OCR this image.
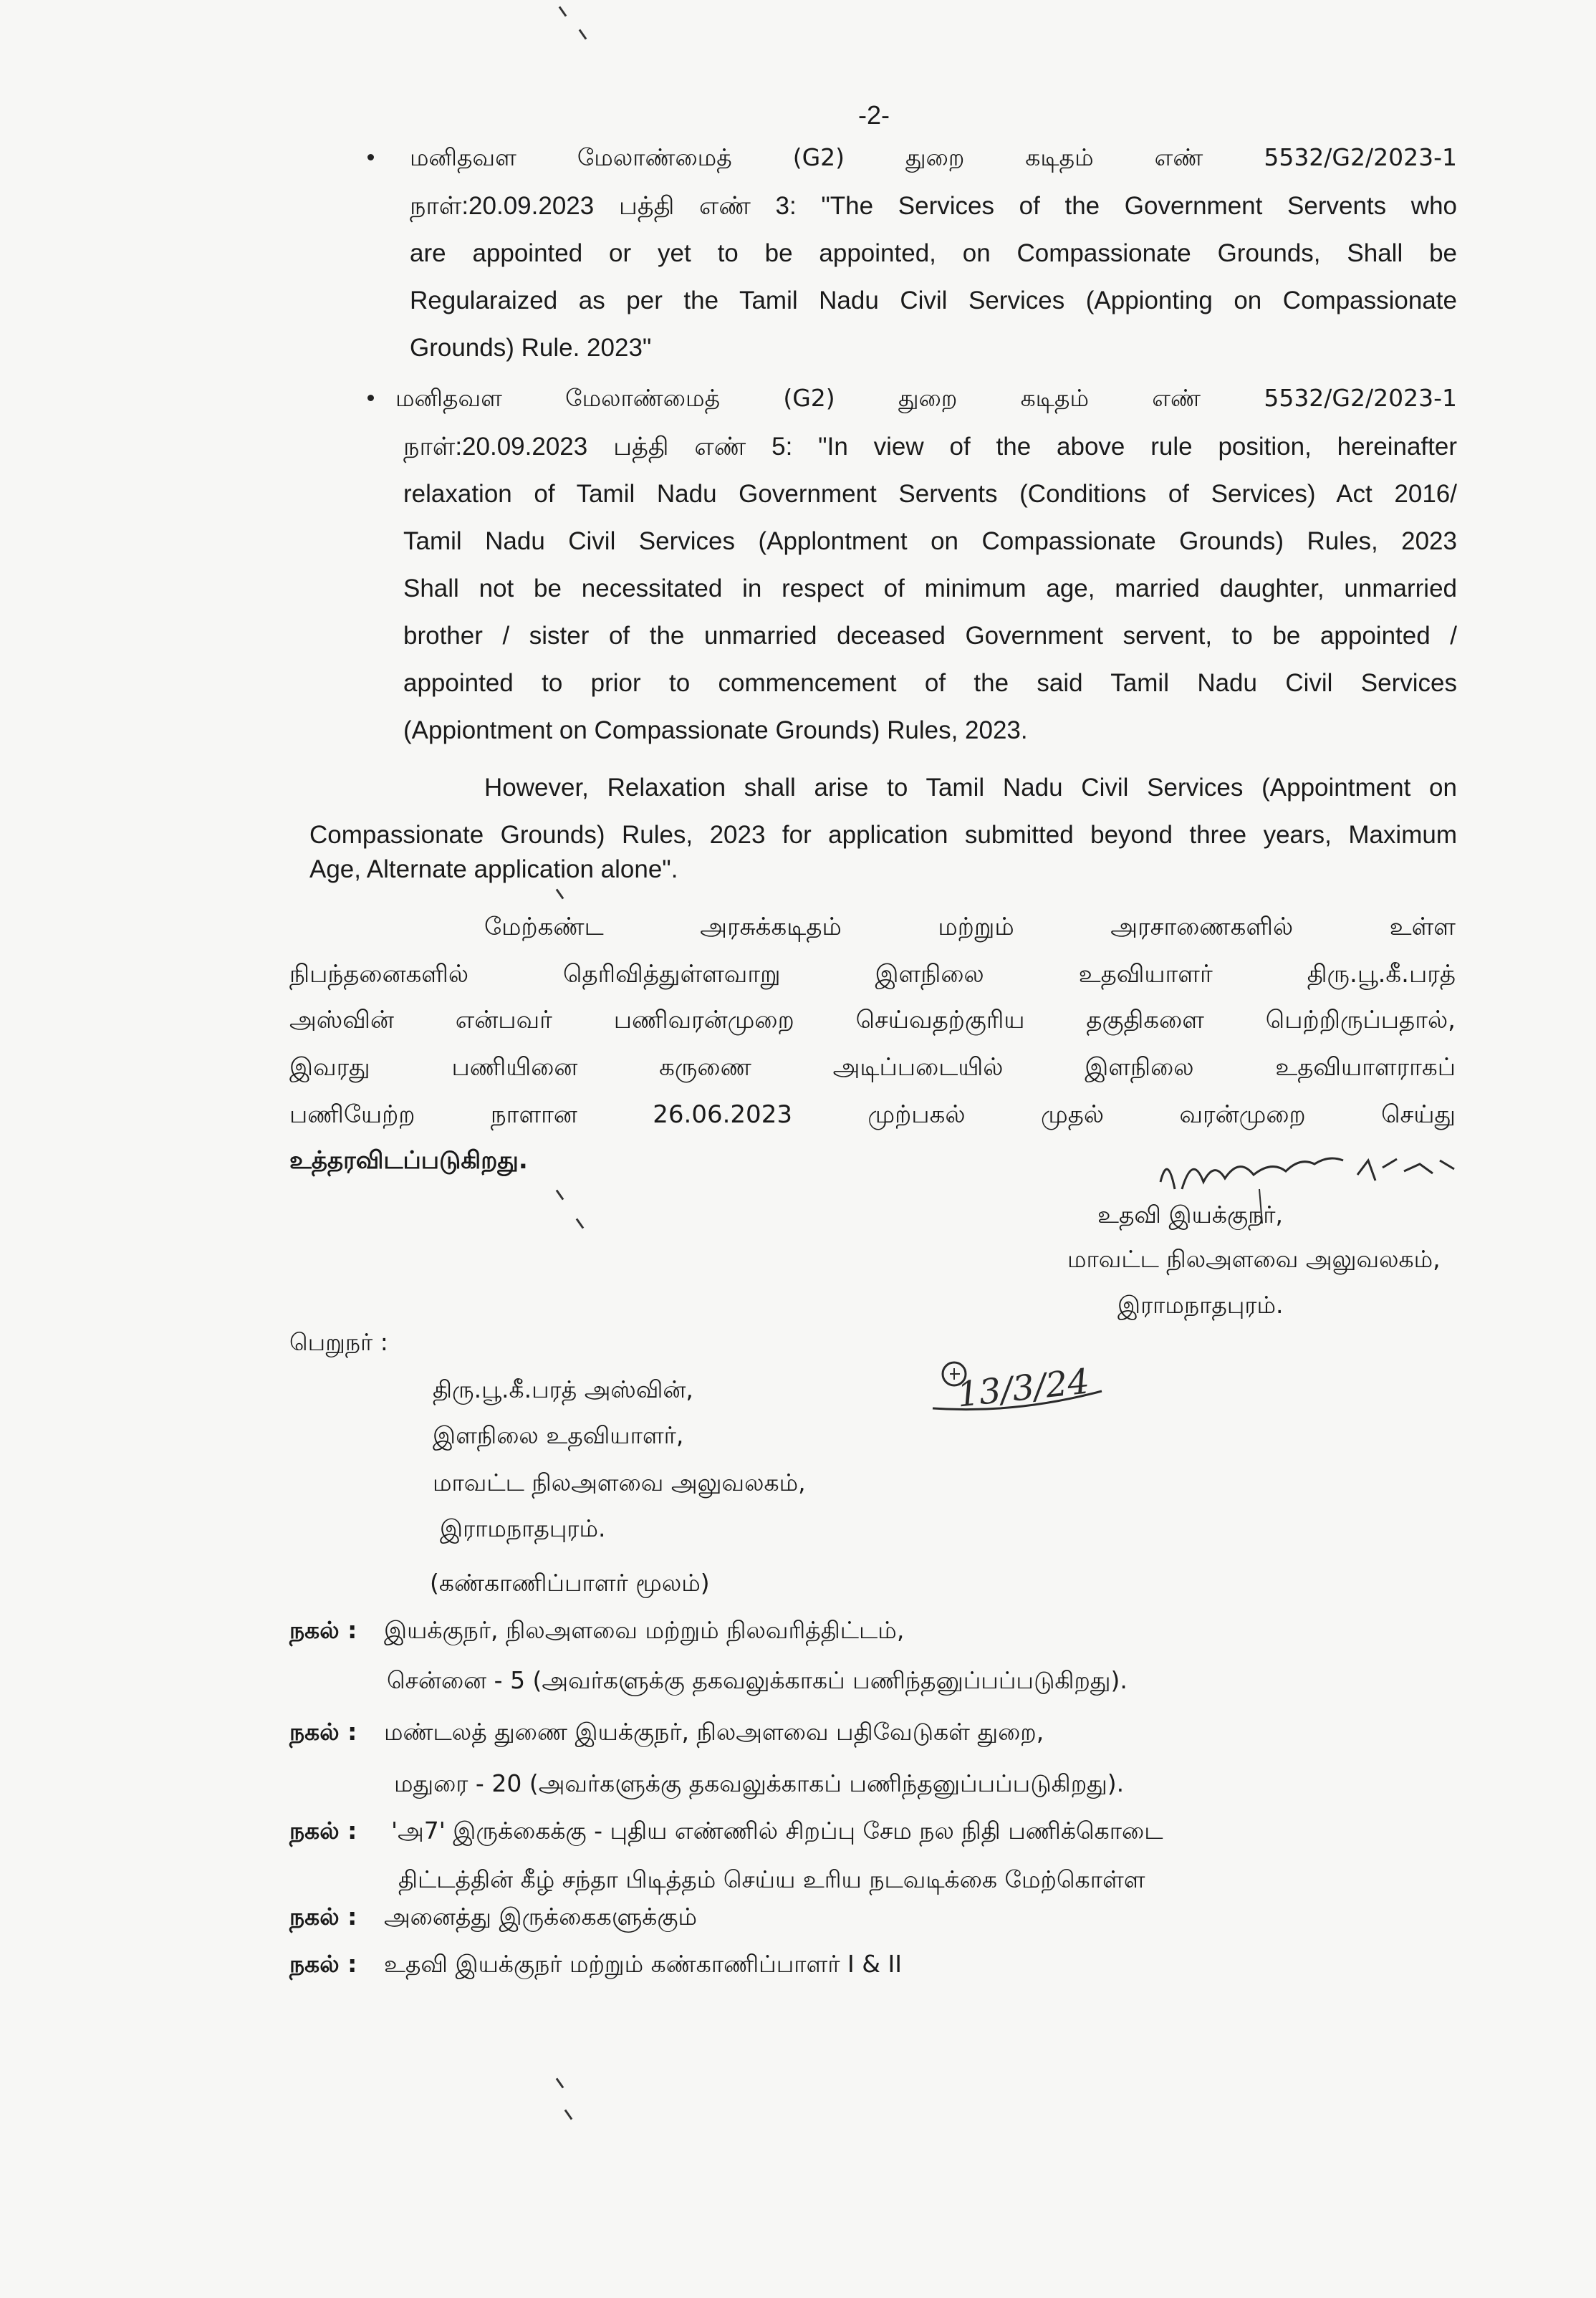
-2-
மனிதவள மேலாண்மைத் (G2) துறை கடிதம் எண் 5532/G2/2023-1
நாள்:20.09.2023 பத்தி எண் 3: "The Services of the Government Servents who
are appointed or yet to be appointed, on Compassionate Grounds, Shall be
Regularaized as per the Tamil Nadu Civil Services (Appionting on Compassionate
Grounds) Rule. 2023"
மனிதவள மேலாண்மைத் (G2) துறை கடிதம் எண் 5532/G2/2023-1
நாள்:20.09.2023 பத்தி எண் 5: "In view of the above rule position, hereinafter
relaxation of Tamil Nadu Government Servents (Conditions of Services) Act 2016/
Tamil Nadu Civil Services (Applontment on Compassionate Grounds) Rules, 2023
Shall not be necessitated in respect of minimum age, married daughter, unmarried
brother / sister of the unmarried deceased Government servent, to be appointed /
appointed to prior to commencement of the said Tamil Nadu Civil Services
(Appiontment on Compassionate Grounds) Rules, 2023.
However, Relaxation shall arise to Tamil Nadu Civil Services (Appointment on
Compassionate Grounds) Rules, 2023 for application submitted beyond three years, Maximum
Age, Alternate application alone".
மேற்கண்ட அரசுக்கடிதம் மற்றும் அரசாணைகளில் உள்ள
நிபந்தனைகளில் தெரிவித்துள்ளவாறு இளநிலை உதவியாளர் திரு.பூ.கீ.பரத்
அஸ்வின் என்பவர் பணிவரன்முறை செய்வதற்குரிய தகுதிகளை பெற்றிருப்பதால்,
இவரது பணியினை கருணை அடிப்படையில் இளநிலை உதவியாளராகப்
பணியேற்ற நாளான 26.06.2023 முற்பகல் முதல் வரன்முறை செய்து
உத்தரவிடப்படுகிறது.
உதவி இயக்குநர்,
மாவட்ட நிலஅளவை அலுவலகம்,
இராமநாதபுரம்.
பெறுநர் :
திரு.பூ.கீ.பரத் அஸ்வின்,
இளநிலை உதவியாளர்,
மாவட்ட நிலஅளவை அலுவலகம்,
இராமநாதபுரம்.
(கண்காணிப்பாளர் மூலம்)
13/3/24
நகல் : இயக்குநர், நிலஅளவை மற்றும் நிலவரித்திட்டம்,
சென்னை - 5 (அவர்களுக்கு தகவலுக்காகப் பணிந்தனுப்பப்படுகிறது).
நகல் : மண்டலத் துணை இயக்குநர், நிலஅளவை பதிவேடுகள் துறை,
மதுரை - 20 (அவர்களுக்கு தகவலுக்காகப் பணிந்தனுப்பப்படுகிறது).
நகல் : 'அ7' இருக்கைக்கு - புதிய எண்ணில் சிறப்பு சேம நல நிதி பணிக்கொடை
திட்டத்தின் கீழ் சந்தா பிடித்தம் செய்ய உரிய நடவடிக்கை மேற்கொள்ள
நகல் : அனைத்து இருக்கைகளுக்கும்
நகல் : உதவி இயக்குநர் மற்றும் கண்காணிப்பாளர் I & II
